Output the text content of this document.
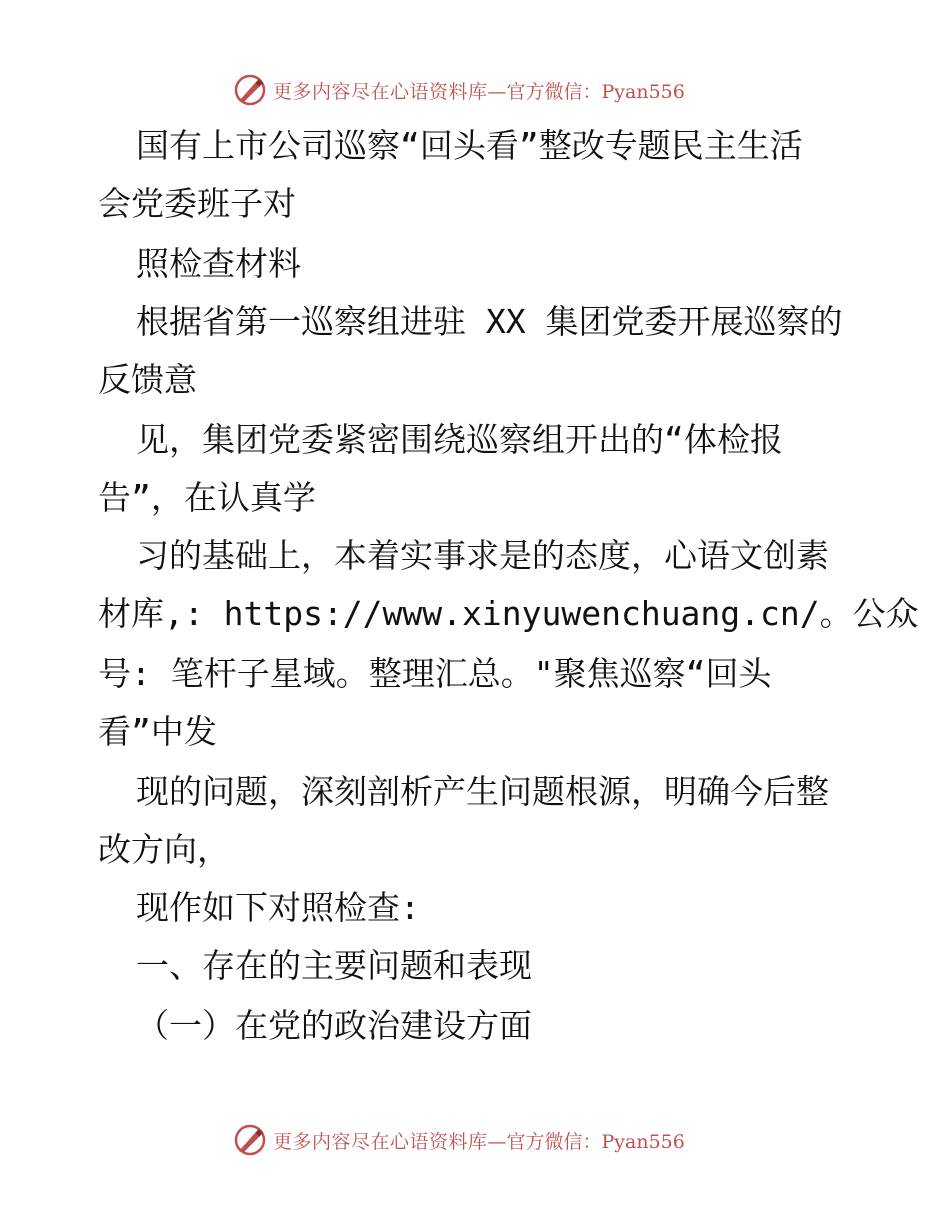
更多内容尽在心语资料库 —官方微信：Pyan556
国有上市公司巡察“回头看”整改专题民主生活
会党委班子对
照检查材料
根据省第一巡察组进驻 XX 集团党委开展巡察的
反馈意
见，集团党委紧密围绕巡察组开出的“体检报
告”，在认真学
习的基础上，本着实事求是的态度，心语文创素
材库,: https://www.xinyuwenchuang.cn/。公众
号: 笔杆子星域。整理汇总。"聚焦巡察“回头
看”中发
现的问题，深刻剖析产生问题根源，明确今后整
改方向，
现作如下对照检查:
一、存在的主要问题和表现
（一）在党的政治建设方面
更多内容尽在心语资料库 —官方微信：Pyan556
